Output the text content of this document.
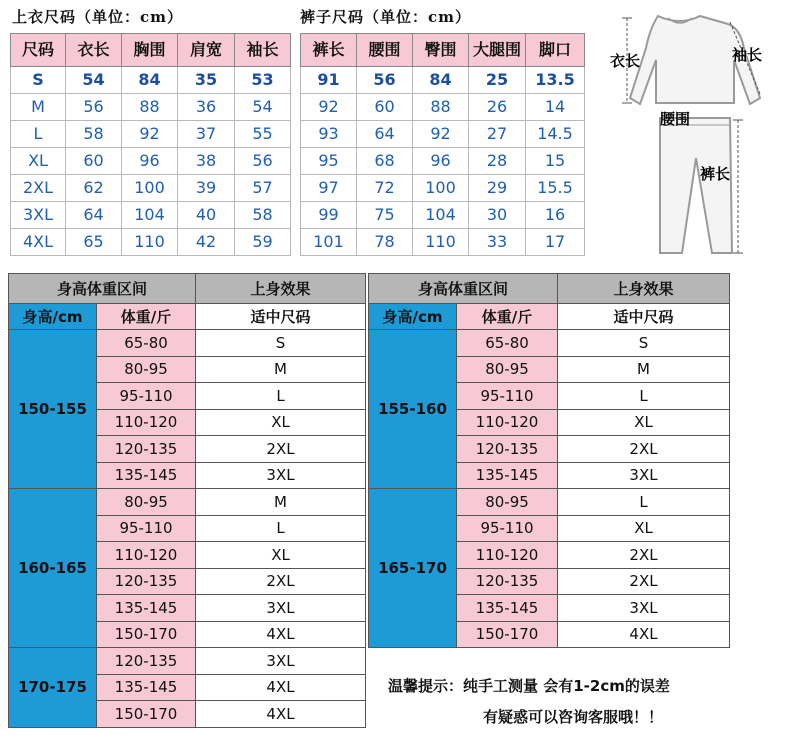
上衣尺码（单位：cm）	裤子尺码（单位：cm）
尺码	衣长	胸围	肩宽	袖长
S	54	84	35	53
M	56	88	36	54
L	58	92	37	55
XL	60	96	38	56
2XL	62	100	39	57
3XL	64	104	40	58
4XL	65	110	42	59
裤长	腰围	臀围	大腿围	脚口
91	56	84	25	13.5
92	60	88	26	14
93	64	92	27	14.5
95	68	96	28	15
97	72	100	29	15.5
99	75	104	30	16
101	78	110	33	17
衣长	袖长
腰围
裤长
身高体重区间		上身效果
身高/cm	体重/斤	适中尺码
150-155	65-80	S
	80-95	M
	95-110	L
	110-120	XL
	120-135	2XL
	135-145	3XL
160-165	80-95	M
	95-110	L
	110-120	XL
	120-135	2XL
	135-145	3XL
	150-170	4XL
170-175	120-135	3XL
	135-145	4XL
	150-170	4XL
身高体重区间		上身效果
身高/cm	体重/斤	适中尺码
155-160	65-80	S
	80-95	M
	95-110	L
	110-120	XL
	120-135	2XL
	135-145	3XL
165-170	80-95	L
	95-110	XL
	110-120	2XL
	120-135	2XL
	135-145	3XL
	150-170	4XL
温馨提示：纯手工测量 会有1-2cm的误差
有疑惑可以咨询客服哦！！
